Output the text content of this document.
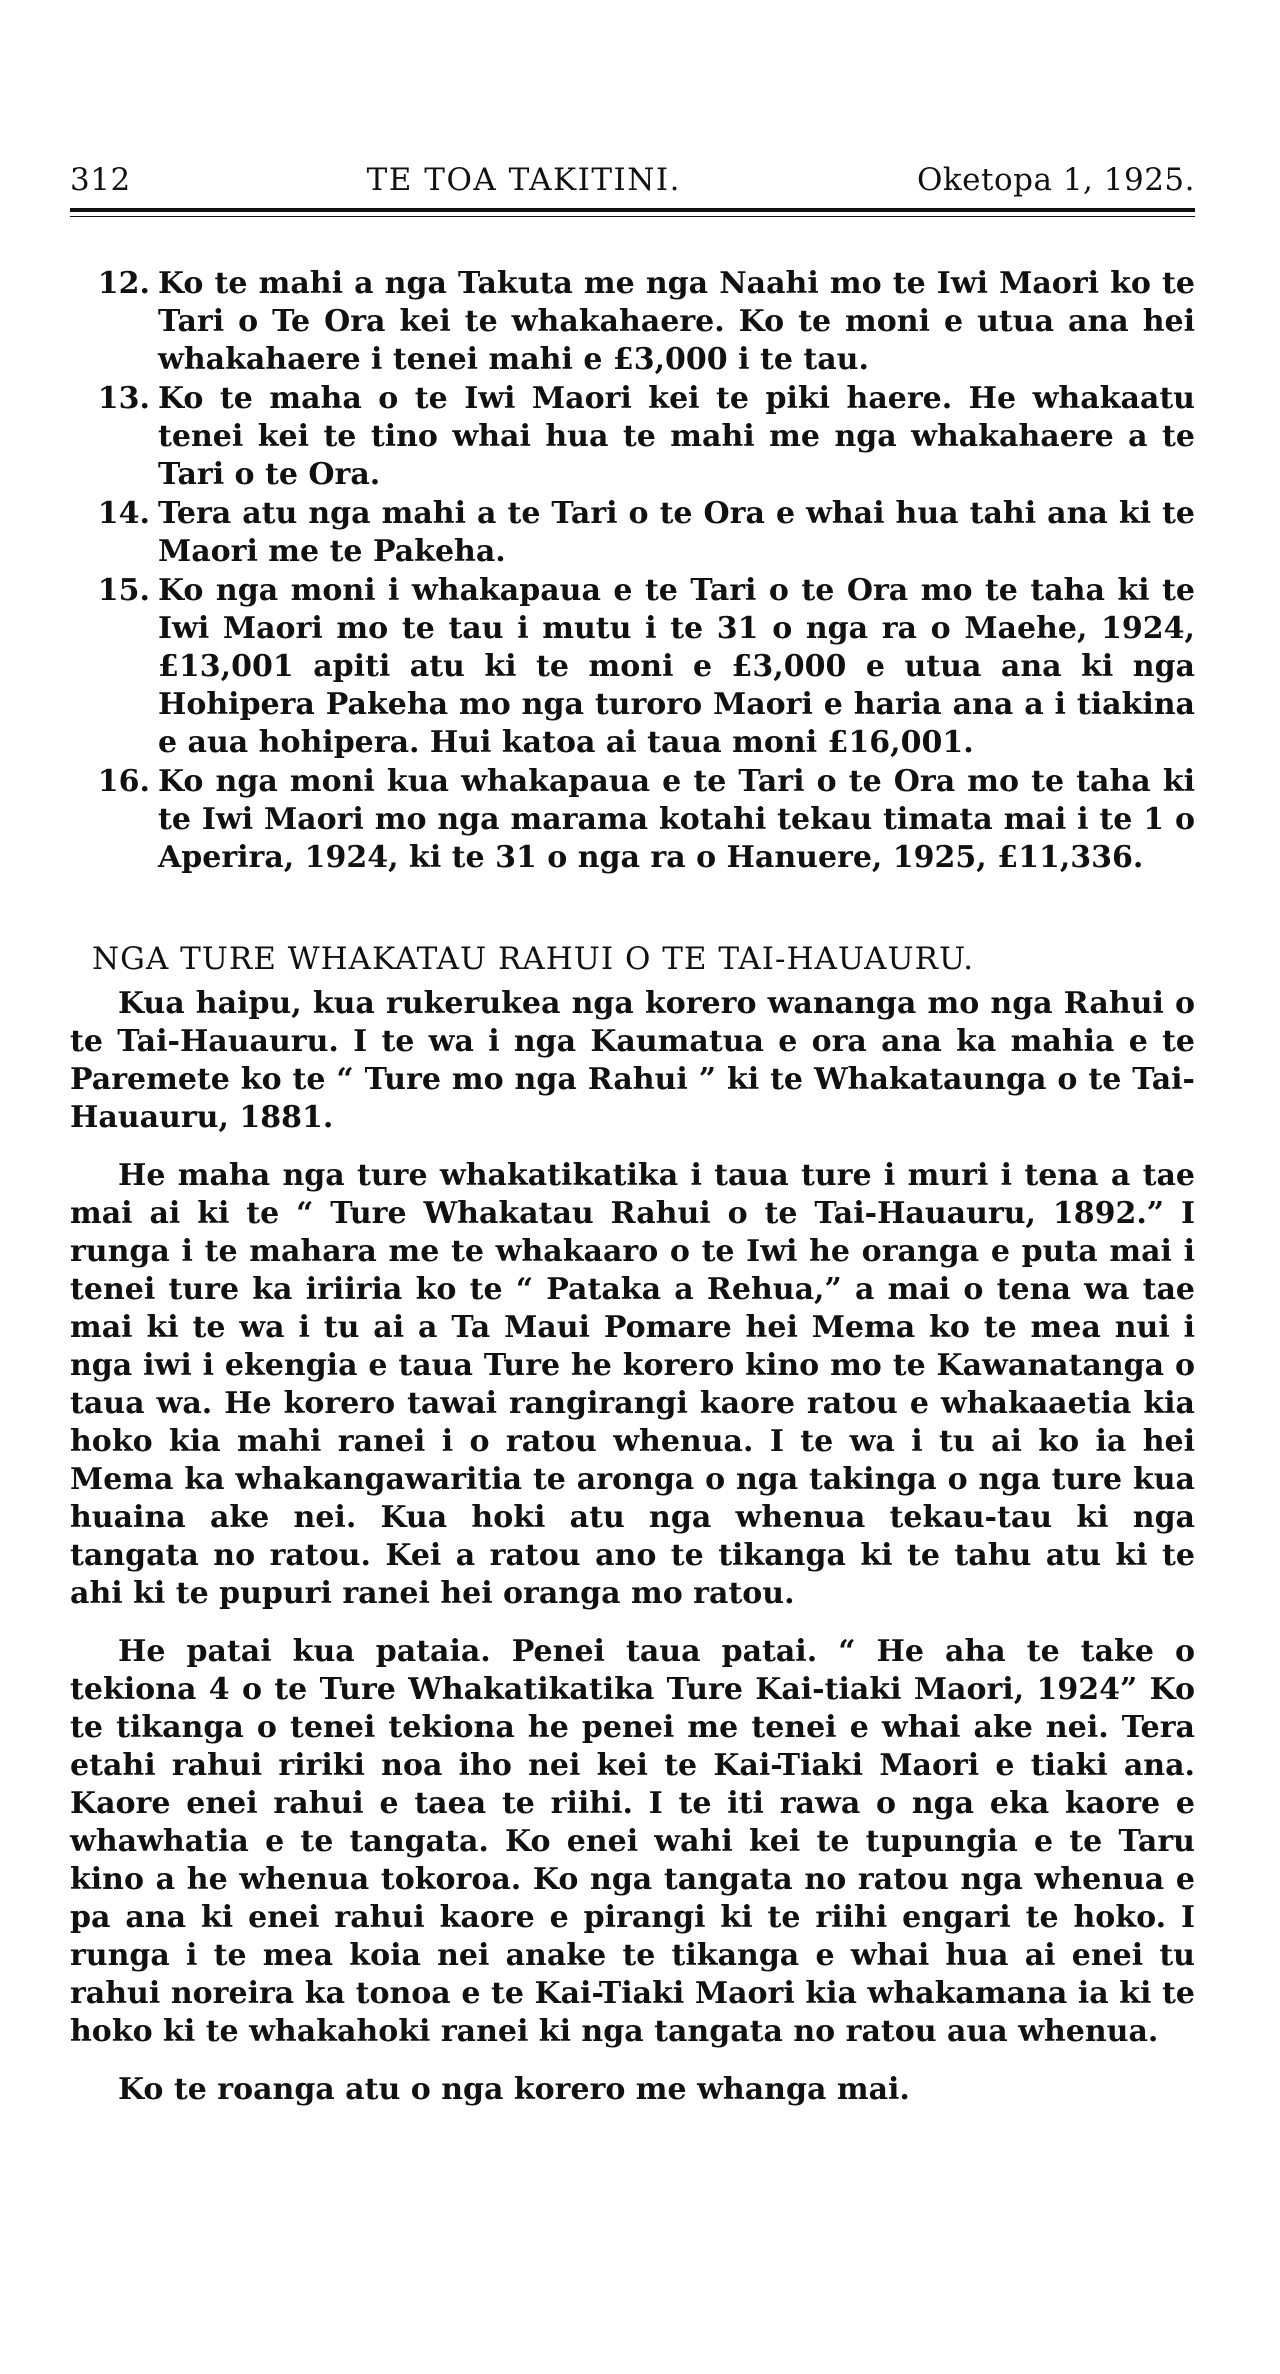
312	TE TOA TAKITINI.	Oketopa 1, 1925.
12. Ko te mahi a nga Takuta me nga Naahi mo te Iwi Maori ko te Tari o Te Ora kei te whakahaere. Ko te moni e utua ana hei whakahaere i tenei mahi e £3,000 i te tau.
13. Ko te maha o te Iwi Maori kei te piki haere. He whakaatu tenei kei te tino whai hua te mahi me nga whakahaere a te Tari o te Ora.
14. Tera atu nga mahi a te Tari o te Ora e whai hua tahi ana ki te Maori me te Pakeha.
15. Ko nga moni i whakapaua e te Tari o te Ora mo te taha ki te Iwi Maori mo te tau i mutu i te 31 o nga ra o Maehe, 1924, £13,001 apiti atu ki te moni e £3,000 e utua ana ki nga Hohipera Pakeha mo nga turoro Maori e haria ana a i tiakina e aua hohipera. Hui katoa ai taua moni £16,001.
16. Ko nga moni kua whakapaua e te Tari o te Ora mo te taha ki te Iwi Maori mo nga marama kotahi tekau timata mai i te 1 o Aperira, 1924, ki te 31 o nga ra o Hanuere, 1925, £11,336.
NGA TURE WHAKATAU RAHUI O TE TAI-HAUAURU.

Kua haipu, kua rukerukea nga korero wananga mo nga Rahui o te Tai-Hauauru. I te wa i nga Kaumatua e ora ana ka mahia e te Paremete ko te “ Ture mo nga Rahui ” ki te Whakataunga o te Tai-Hauauru, 1881.

He maha nga ture whakatikatika i taua ture i muri i tena a tae mai ai ki te “ Ture Whakatau Rahui o te Tai-Hauauru, 1892.” I runga i te mahara me te whakaaro o te Iwi he oranga e puta mai i tenei ture ka iriiria ko te “ Pataka a Rehua,” a mai o tena wa tae mai ki te wa i tu ai a Ta Maui Pomare hei Mema ko te mea nui i nga iwi i ekengia e taua Ture he korero kino mo te Kawanatanga o taua wa. He korero tawai rangirangi kaore ratou e whakaaetia kia hoko kia mahi ranei i o ratou whenua. I te wa i tu ai ko ia hei Mema ka whakangawaritia te aronga o nga takinga o nga ture kua huaina ake nei. Kua hoki atu nga whenua tekau-tau ki nga tangata no ratou. Kei a ratou ano te tikanga ki te tahu atu ki te ahi ki te pupuri ranei hei oranga mo ratou.

He patai kua pataia. Penei taua patai. “ He aha te take o tekiona 4 o te Ture Whakatikatika Ture Kai-tiaki Maori, 1924” Ko te tikanga o tenei tekiona he penei me tenei e whai ake nei. Tera etahi rahui ririki noa iho nei kei te Kai-Tiaki Maori e tiaki ana. Kaore enei rahui e taea te riihi. I te iti rawa o nga eka kaore e whawhatia e te tangata. Ko enei wahi kei te tupungia e te Taru kino a he whenua tokoroa. Ko nga tangata no ratou nga whenua e pa ana ki enei rahui kaore e pirangi ki te riihi engari te hoko. I runga i te mea koia nei anake te tikanga e whai hua ai enei tu rahui noreira ka tonoa e te Kai-Tiaki Maori kia whakamana ia ki te hoko ki te whakahoki ranei ki nga tangata no ratou aua whenua.

Ko te roanga atu o nga korero me whanga mai.
